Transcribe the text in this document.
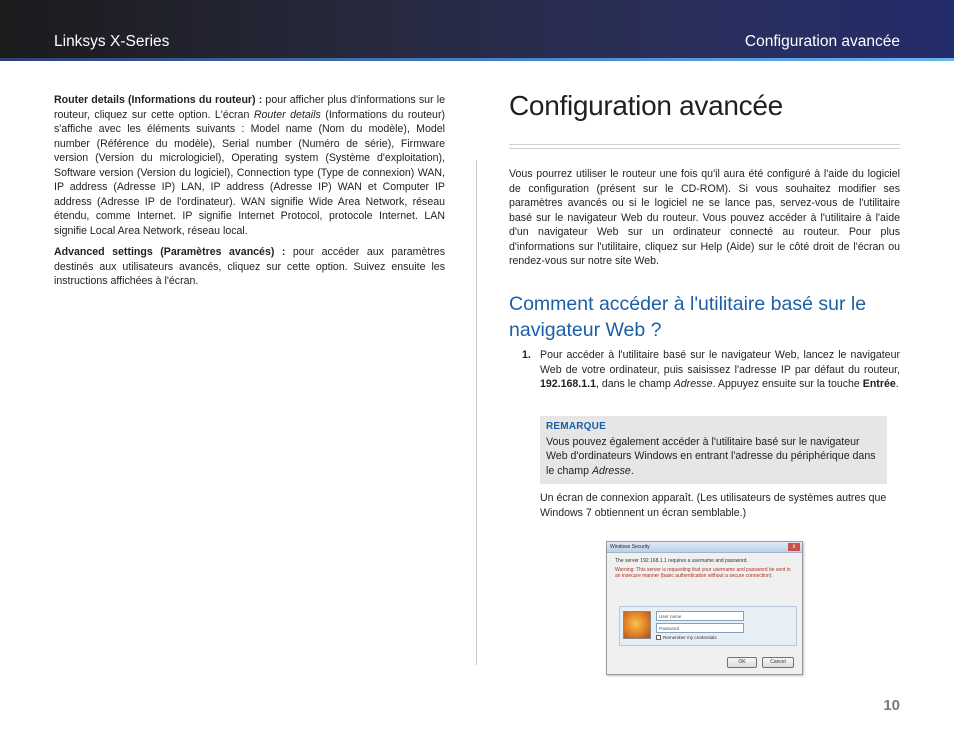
Linksys X-Series	Configuration avancée

Router details (Informations du routeur) : pour afficher plus d'informations sur le routeur, cliquez sur cette option. L'écran Router details (Informations du routeur) s'affiche avec les éléments suivants : Model name (Nom du modèle), Model number (Référence du modèle), Serial number (Numéro de série), Firmware version (Version du micrologiciel), Operating system (Système d'exploitation), Software version (Version du logiciel), Connection type (Type de connexion) WAN, IP address (Adresse IP) LAN, IP address (Adresse IP) WAN et Computer IP address (Adresse IP de l'ordinateur). WAN signifie Wide Area Network, réseau étendu, comme Internet. IP signifie Internet Protocol, protocole Internet. LAN signifie Local Area Network, réseau local.

Advanced settings (Paramètres avancés) : pour accéder aux paramètres destinés aux utilisateurs avancés, cliquez sur cette option. Suivez ensuite les instructions affichées à l'écran.

Configuration avancée

Vous pourrez utiliser le routeur une fois qu'il aura été configuré à l'aide du logiciel de configuration (présent sur le CD-ROM). Si vous souhaitez modifier ses paramètres avancés ou si le logiciel ne se lance pas, servez-vous de l'utilitaire basé sur le navigateur Web du routeur. Vous pouvez accéder à l'utilitaire à l'aide d'un navigateur Web sur un ordinateur connecté au routeur. Pour plus d'informations sur l'utilitaire, cliquez sur Help (Aide) sur le côté droit de l'écran ou rendez-vous sur notre site Web.

Comment accéder à l'utilitaire basé sur le navigateur Web ?
1. Pour accéder à l'utilitaire basé sur le navigateur Web, lancez le navigateur Web de votre ordinateur, puis saisissez l'adresse IP par défaut du routeur, 192.168.1.1, dans le champ Adresse. Appuyez ensuite sur la touche Entrée.

REMARQUE
Vous pouvez également accéder à l'utilitaire basé sur le navigateur Web d'ordinateurs Windows en entrant l'adresse du périphérique dans le champ Adresse.

Un écran de connexion apparaît. (Les utilisateurs de systèmes autres que Windows 7 obtiennent un écran semblable.)

Windows Security	x
The server 192.168.1.1 requires a username and password.
Warning: This server is requesting that your username and password be sent in an insecure manner (basic authentication without a secure connection).
User name
Password
Remember my credentials
OK	Cancel
10
